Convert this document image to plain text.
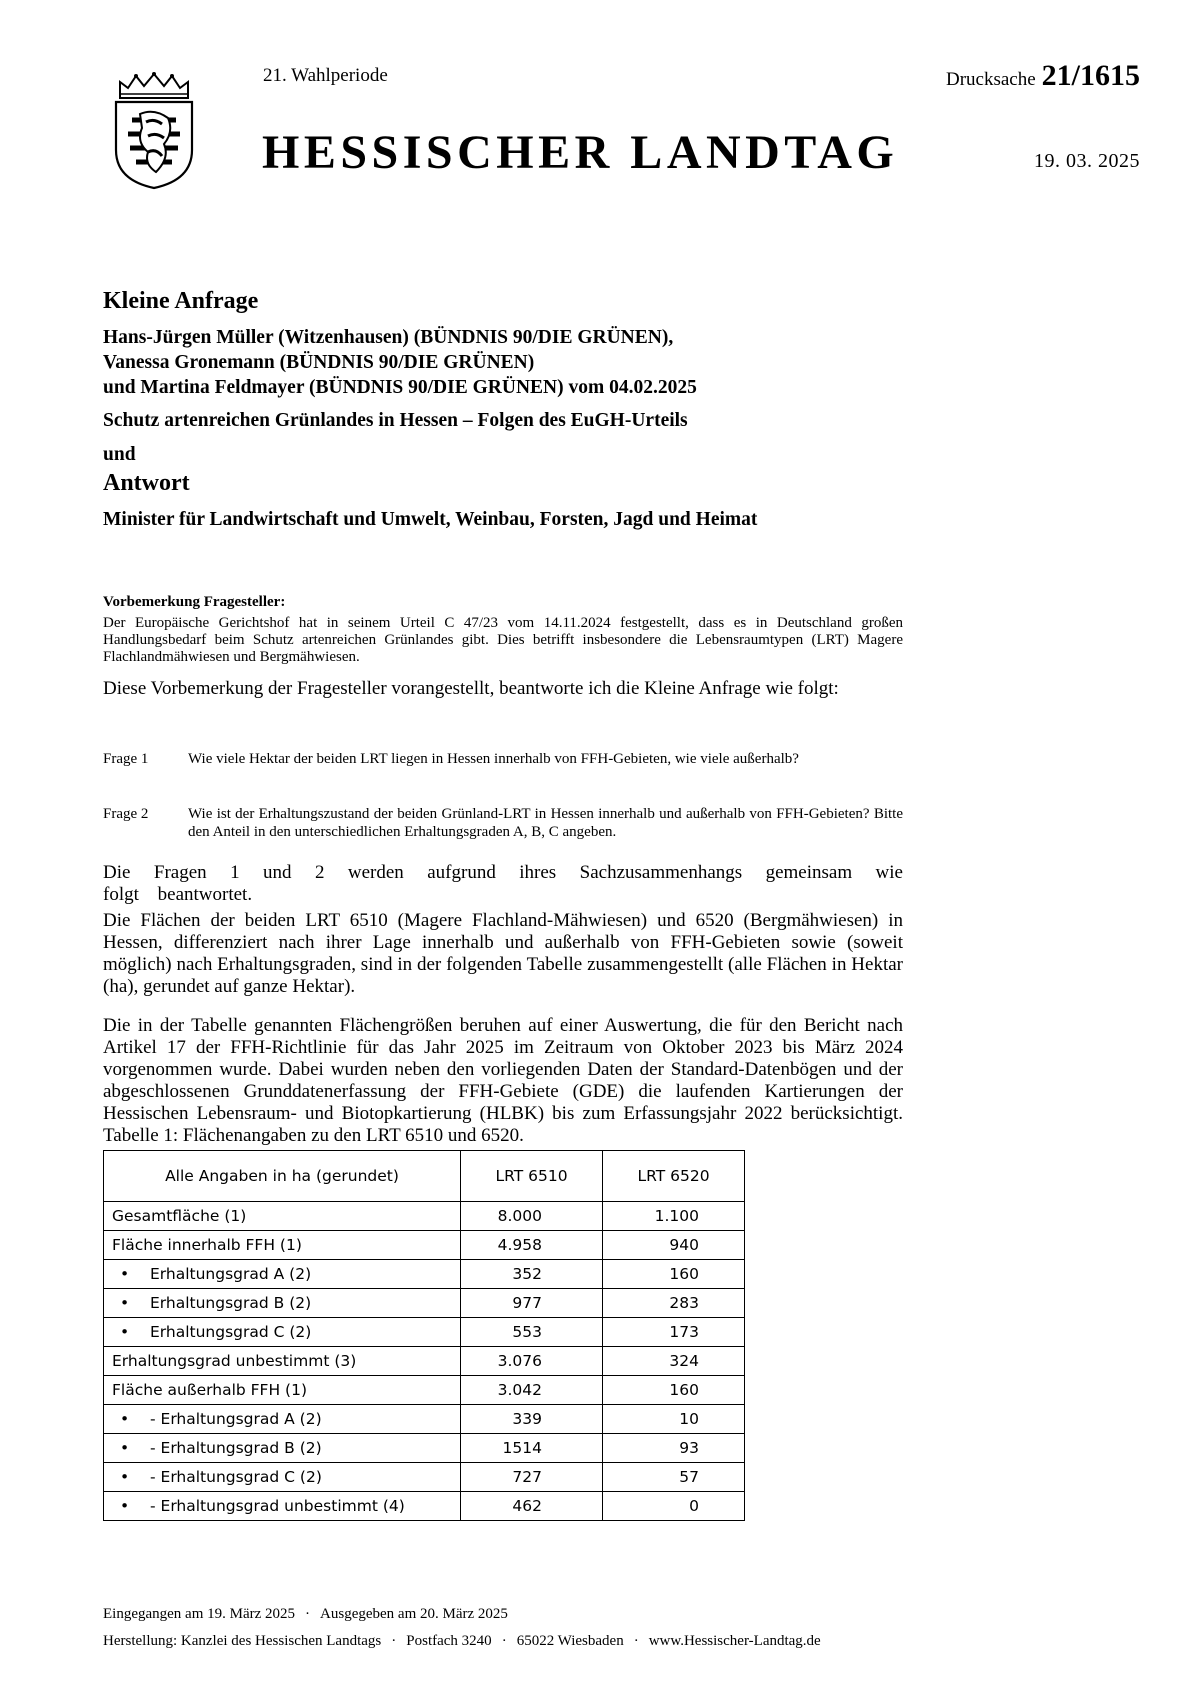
21. Wahlperiode	Drucksache 21/1615
HESSISCHER LANDTAG	19. 03. 2025

Kleine Anfrage

Hans-Jürgen Müller (Witzenhausen) (BÜNDNIS 90/DIE GRÜNEN),

Vanessa Gronemann (BÜNDNIS 90/DIE GRÜNEN)

und Martina Feldmayer (BÜNDNIS 90/DIE GRÜNEN) vom 04.02.2025

Schutz artenreichen Grünlandes in Hessen – Folgen des EuGH-Urteils

und

Antwort

Minister für Landwirtschaft und Umwelt, Weinbau, Forsten, Jagd und Heimat

Vorbemerkung Fragesteller:

Der Europäische Gerichtshof hat in seinem Urteil C 47/23 vom 14.11.2024 festgestellt, dass es in Deutschland großen Handlungsbedarf beim Schutz artenreichen Grünlandes gibt. Dies betrifft insbesondere die Lebensraumtypen (LRT) Magere Flachlandmähwiesen und Bergmähwiesen.

Diese Vorbemerkung der Fragesteller vorangestellt, beantworte ich die Kleine Anfrage wie folgt:

Frage 1	Wie viele Hektar der beiden LRT liegen in Hessen innerhalb von FFH-Gebieten, wie viele außerhalb?
Frage 2	Wie ist der Erhaltungszustand der beiden Grünland-LRT in Hessen innerhalb und außerhalb von FFH-Gebieten? Bitte den Anteil in den unterschiedlichen Erhaltungsgraden A, B, C angeben.

Die Fragen 1 und 2 werden aufgrund ihres Sachzusammenhangs gemeinsam wie folgt beantwortet.

Die Flächen der beiden LRT 6510 (Magere Flachland-Mähwiesen) und 6520 (Bergmähwiesen) in Hessen, differenziert nach ihrer Lage innerhalb und außerhalb von FFH-Gebieten sowie (soweit möglich) nach Erhaltungsgraden, sind in der folgenden Tabelle zusammengestellt (alle Flächen in Hektar (ha), gerundet auf ganze Hektar).

Die in der Tabelle genannten Flächengrößen beruhen auf einer Auswertung, die für den Bericht nach Artikel 17 der FFH-Richtlinie für das Jahr 2025 im Zeitraum von Oktober 2023 bis März 2024 vorgenommen wurde. Dabei wurden neben den vorliegenden Daten der Standard-Datenbögen und der abgeschlossenen Grunddatenerfassung der FFH-Gebiete (GDE) die laufenden Kartierungen der Hessischen Lebensraum- und Biotopkartierung (HLBK) bis zum Erfassungsjahr 2022 berücksichtigt. Tabelle 1: Flächenangaben zu den LRT 6510 und 6520.

Alle Angaben in ha (gerundet)	LRT 6510	LRT 6520
Gesamtfläche (1)	8.000	1.100
Fläche innerhalb FFH (1)	4.958	940
• Erhaltungsgrad A (2)	352	160
• Erhaltungsgrad B (2)	977	283
• Erhaltungsgrad C (2)	553	173
Erhaltungsgrad unbestimmt (3)	3.076	324
Fläche außerhalb FFH (1)	3.042	160
• - Erhaltungsgrad A (2)	339	10
• - Erhaltungsgrad B (2)	1514	93
• - Erhaltungsgrad C (2)	727	57
• - Erhaltungsgrad unbestimmt (4)	462	0
Eingegangen am 19. März 2025 · Ausgegeben am 20. März 2025
Herstellung: Kanzlei des Hessischen Landtags · Postfach 3240 · 65022 Wiesbaden · www.Hessischer-Landtag.de
